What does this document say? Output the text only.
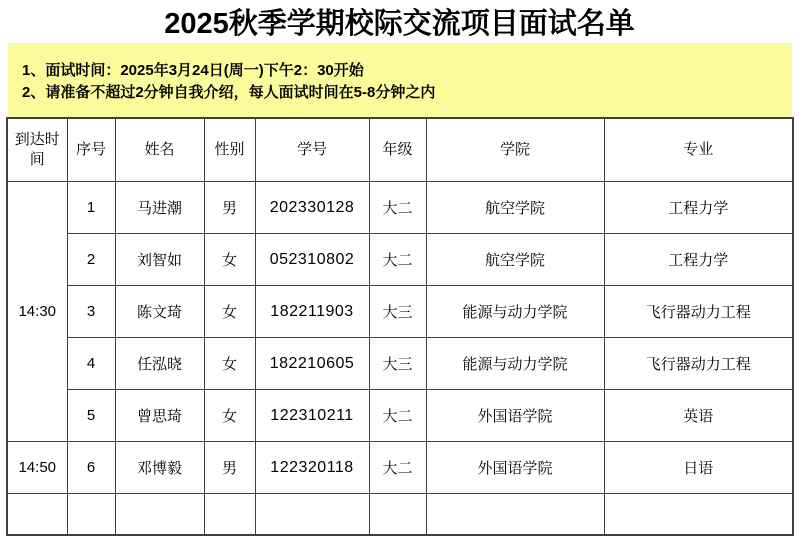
2025秋季学期校际交流项目面试名单
1、面试时间：2025年3月24日(周一)下午2：30开始
2、请准备不超过2分钟自我介绍，每人面试时间在5-8分钟之内
到达时间	序号	姓名	性别	学号	年级	学院	专业
14:30	1	马进潮	男	202330128	大二	航空学院	工程力学
	2	刘智如	女	052310802	大二	航空学院	工程力学
	3	陈文琦	女	182211903	大三	能源与动力学院	飞行器动力工程
	4	任泓晓	女	182210605	大三	能源与动力学院	飞行器动力工程
	5	曾思琦	女	122310211	大二	外国语学院	英语
14:50	6	邓博毅	男	122320118	大二	外国语学院	日语
